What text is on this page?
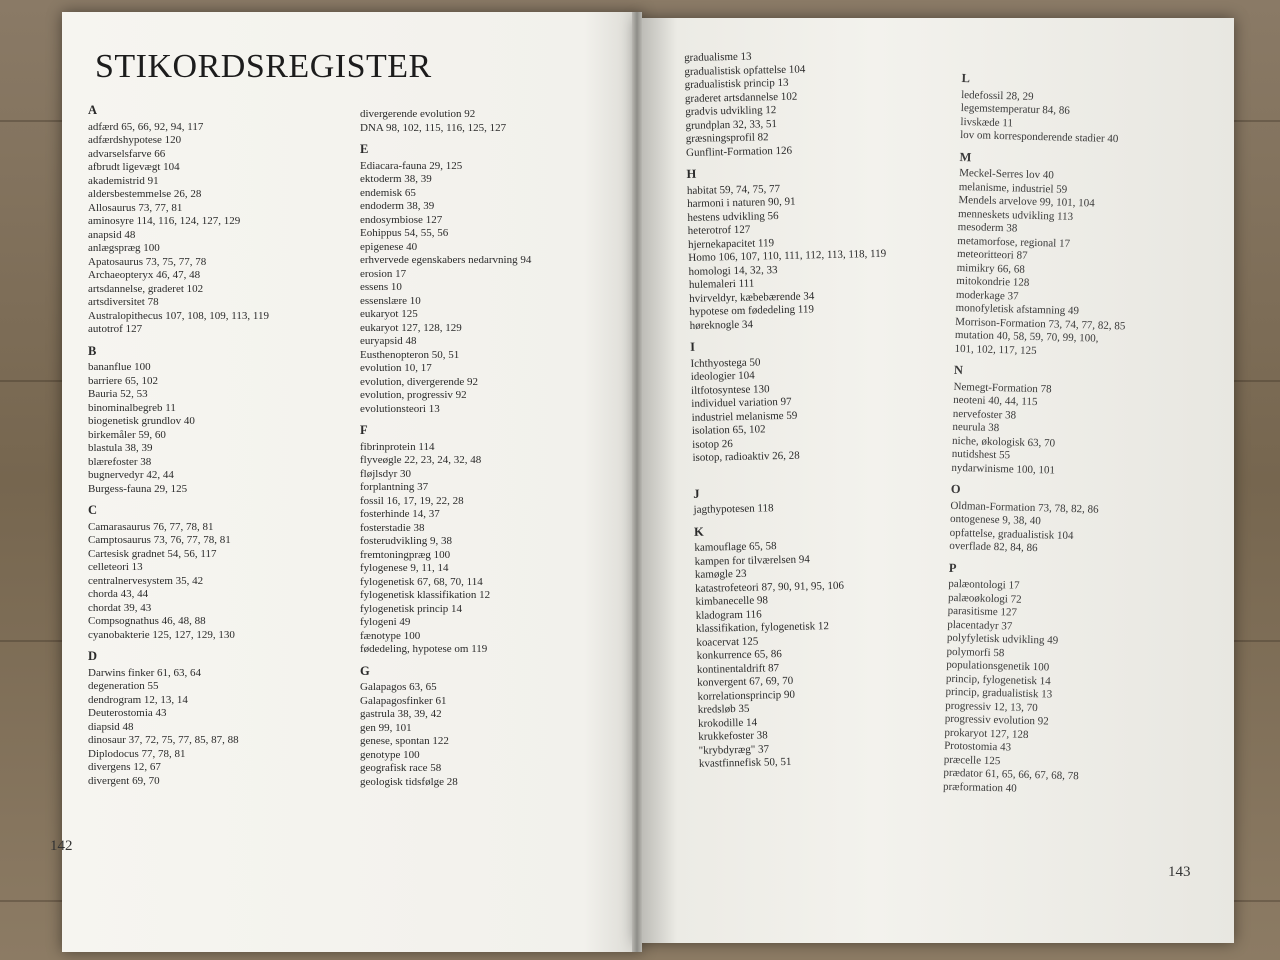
STIKORDSREGISTER
A
adfærd 65, 66, 92, 94, 117
adfærdshypotese 120
advarselsfarve 66
afbrudt ligevægt 104
akademistrid 91
aldersbestemmelse 26, 28
Allosaurus 73, 77, 81
aminosyre 114, 116, 124, 127, 129
anapsid 48
anlægspræg 100
Apatosaurus 73, 75, 77, 78
Archaeopteryx 46, 47, 48
artsdannelse, graderet 102
artsdiversitet 78
Australopithecus 107, 108, 109, 113, 119
autotrof 127
B
bananflue 100
barriere 65, 102
Bauria 52, 53
binominalbegreb 11
biogenetisk grundlov 40
birkemåler 59, 60
blastula 38, 39
blærefoster 38
bugnervedyr 42, 44
Burgess-fauna 29, 125
C
Camarasaurus 76, 77, 78, 81
Camptosaurus 73, 76, 77, 78, 81
Cartesisk gradnet 54, 56, 117
celleteori 13
centralnervesystem 35, 42
chorda 43, 44
chordat 39, 43
Compsognathus 46, 48, 88
cyanobakterie 125, 127, 129, 130
D
Darwins finker 61, 63, 64
degeneration 55
dendrogram 12, 13, 14
Deuterostomia 43
diapsid 48
dinosaur 37, 72, 75, 77, 85, 87, 88
Diplodocus 77, 78, 81
divergens 12, 67
divergent 69, 70
divergerende evolution 92
DNA 98, 102, 115, 116, 125, 127
E
Ediacara-fauna 29, 125
ektoderm 38, 39
endemisk 65
endoderm 38, 39
endosymbiose 127
Eohippus 54, 55, 56
epigenese 40
erhvervede egenskabers nedarvning 94
erosion 17
essens 10
essenslære 10
eukaryot 125
eukaryot 127, 128, 129
euryapsid 48
Eusthenopteron 50, 51
evolution 10, 17
evolution, divergerende 92
evolution, progressiv 92
evolutionsteori 13
F
fibrinprotein 114
flyveøgle 22, 23, 24, 32, 48
fløjlsdyr 30
forplantning 37
fossil 16, 17, 19, 22, 28
fosterhinde 14, 37
fosterstadie 38
fosterudvikling 9, 38
fremtoningpræg 100
fylogenese 9, 11, 14
fylogenetisk 67, 68, 70, 114
fylogenetisk klassifikation 12
fylogenetisk princip 14
fylogeni 49
fænotype 100
fødedeling, hypotese om 119
G
Galapagos 63, 65
Galapagosfinker 61
gastrula 38, 39, 42
gen 99, 101
genese, spontan 122
genotype 100
geografisk race 58
geologisk tidsfølge 28
142
gradualisme 13
gradualistisk opfattelse 104
gradualistisk princip 13
graderet artsdannelse 102
gradvis udvikling 12
grundplan 32, 33, 51
græsningsprofil 82
Gunflint-Formation 126
H
habitat 59, 74, 75, 77
harmoni i naturen 90, 91
hestens udvikling 56
heterotrof 127
hjernekapacitet 119
Homo 106, 107, 110, 111, 112, 113, 118, 119
homologi 14, 32, 33
hulemaleri 111
hvirveldyr, kæbebærende 34
hypotese om fødedeling 119
høreknogle 34
I
Ichthyostega 50
ideologier 104
iltfotosyntese 130
individuel variation 97
industriel melanisme 59
isolation 65, 102
isotop 26
isotop, radioaktiv 26, 28
J
jagthypotesen 118
K
kamouflage 65, 58
kampen for tilværelsen 94
kamøgle 23
katastrofeteori 87, 90, 91, 95, 106
kimbanecelle 98
kladogram 116
klassifikation, fylogenetisk 12
koacervat 125
konkurrence 65, 86
kontinentaldrift 87
konvergent 67, 69, 70
korrelationsprincip 90
kredsløb 35
krokodille 14
krukkefoster 38
"krybdyræg" 37
kvastfinnefisk 50, 51
L
ledefossil 28, 29
legemstemperatur 84, 86
livskæde 11
lov om korresponderende stadier 40
M
Meckel-Serres lov 40
melanisme, industriel 59
Mendels arvelove 99, 101, 104
menneskets udvikling 113
mesoderm 38
metamorfose, regional 17
meteoritteori 87
mimikry 66, 68
mitokondrie 128
moderkage 37
monofyletisk afstamning 49
Morrison-Formation 73, 74, 77, 82, 85
mutation 40, 58, 59, 70, 99, 100,
101, 102, 117, 125
N
Nemegt-Formation 78
neoteni 40, 44, 115
nervefoster 38
neurula 38
niche, økologisk 63, 70
nutidshest 55
nydarwinisme 100, 101
O
Oldman-Formation 73, 78, 82, 86
ontogenese 9, 38, 40
opfattelse, gradualistisk 104
overflade 82, 84, 86
P
palæontologi 17
palæoøkologi 72
parasitisme 127
placentadyr 37
polyfyletisk udvikling 49
polymorfi 58
populationsgenetik 100
princip, fylogenetisk 14
princip, gradualistisk 13
progressiv 12, 13, 70
progressiv evolution 92
prokaryot 127, 128
Protostomia 43
præcelle 125
prædator 61, 65, 66, 67, 68, 78
præformation 40
143
